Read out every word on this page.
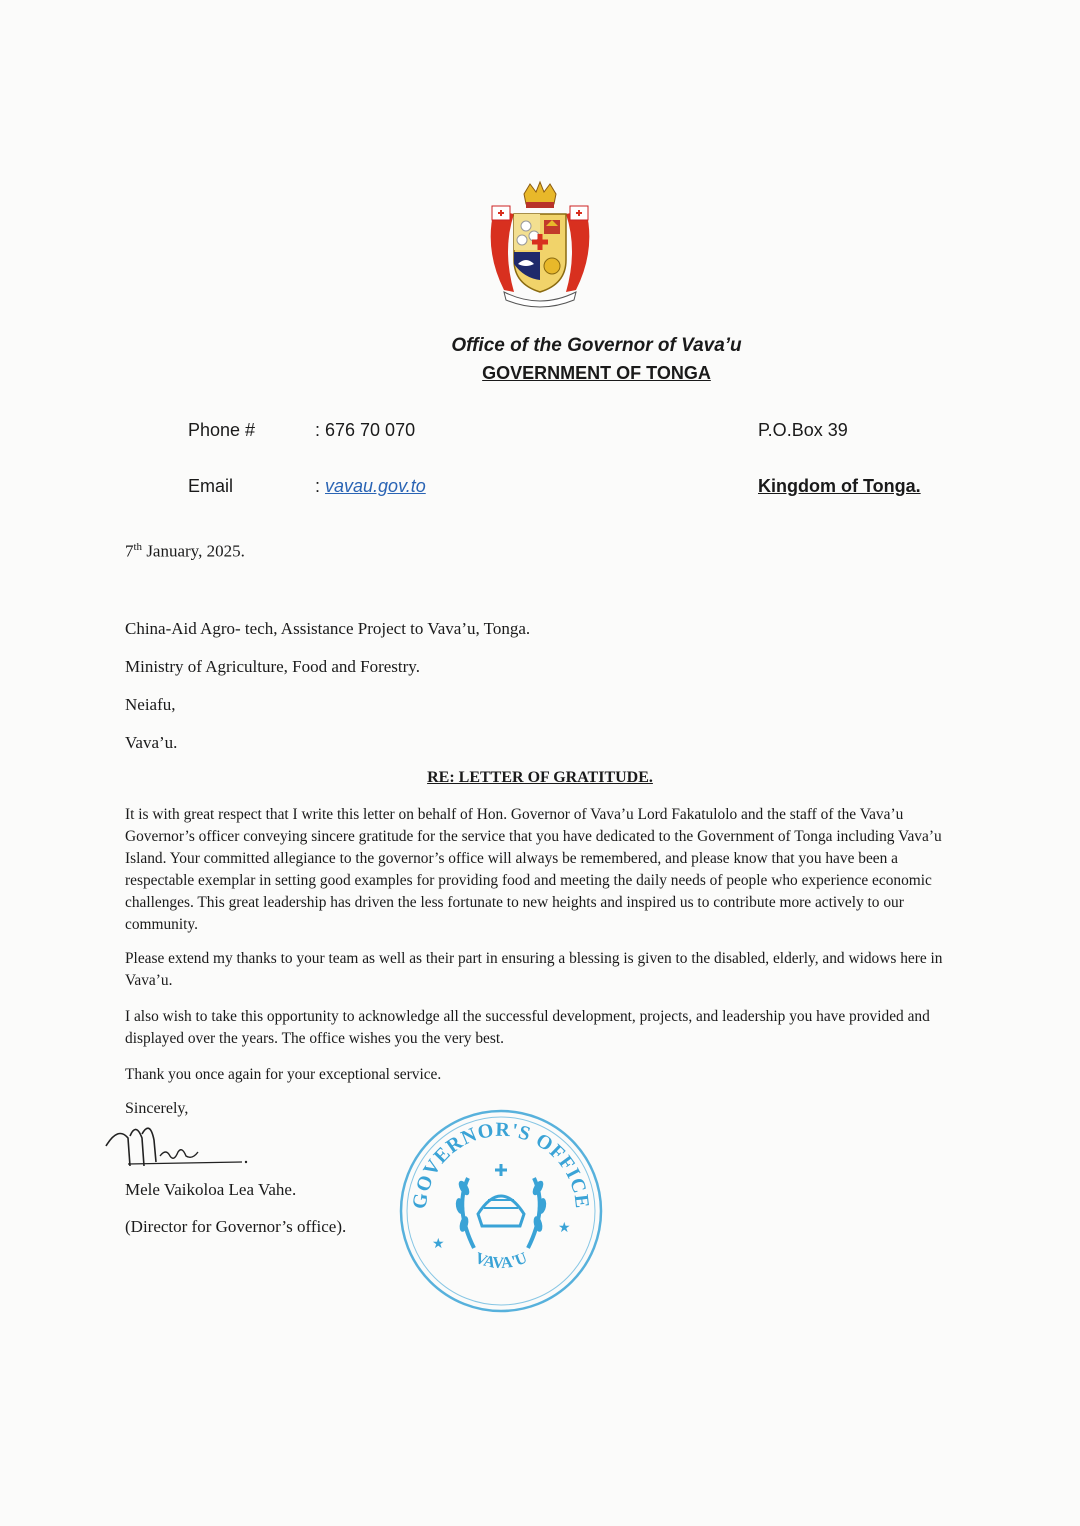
Office of the Governor of Vava’u
GOVERNMENT OF TONGA
Phone #	: 676 70 070	P.O.Box 39
Email	: vavau.gov.to	Kingdom of Tonga.
7th January, 2025.
China-Aid Agro- tech, Assistance Project to Vava’u, Tonga.
Ministry of Agriculture, Food and Forestry.
Neiafu,
Vava’u.
RE: LETTER OF GRATITUDE.

It is with great respect that I write this letter on behalf of Hon. Governor of Vava’u Lord Fakatulolo and the staff of the Vava’u Governor’s officer conveying sincere gratitude for the service that you have dedicated to the Government of Tonga including Vava’u Island. Your committed allegiance to the governor’s office will always be remembered, and please know that you have been a respectable exemplar in setting good examples for providing food and meeting the daily needs of people who experience economic challenges. This great leadership has driven the less fortunate to new heights and inspired us to contribute more actively to our community.

Please extend my thanks to your team as well as their part in ensuring a blessing is given to the disabled, elderly, and widows here in Vava’u.

I also wish to take this opportunity to acknowledge all the successful development, projects, and leadership you have provided and displayed over the years. The office wishes you the very best.

Thank you once again for your exceptional service.

Sincerely,
Mele Vaikoloa Lea Vahe.
(Director for Governor’s office).
GOVERNOR'S OFFICE
VAVA'U
★
★
